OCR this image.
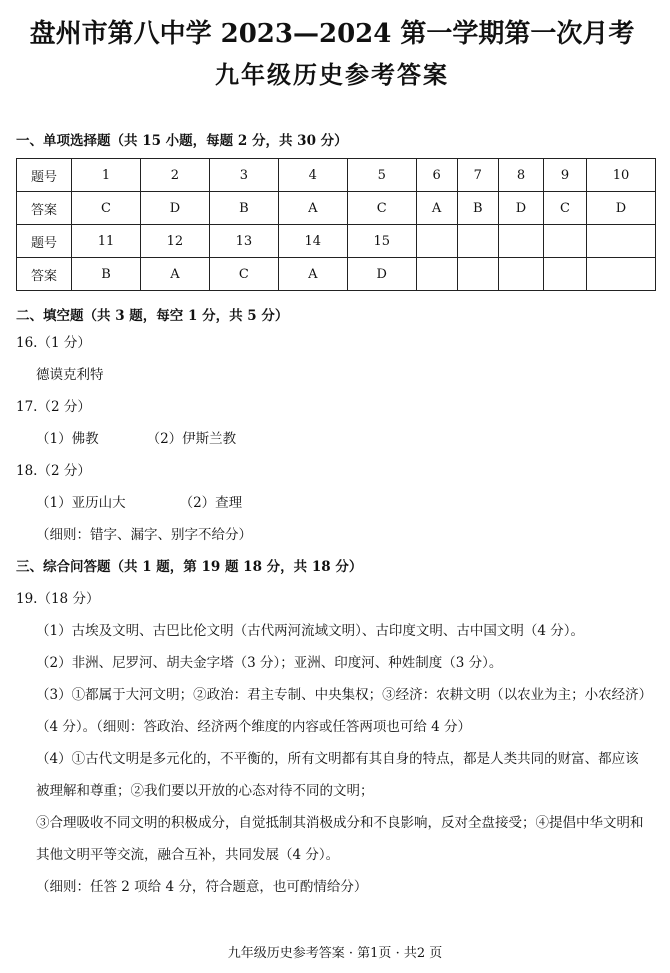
盘州市第八中学 2023—2024 第一学期第一次月考
九年级历史参考答案
一、单项选择题（共 15 小题，每题 2 分，共 30 分）
题号	1	2	3	4	5	6	7	8	9	10
答案	C	D	B	A	C	A	B	D	C	D
题号	11	12	13	14	15					
答案	B	A	C	A	D					
二、填空题（共 3 题，每空 1 分，共 5 分）
16.（1 分）
德谟克利特
17.（2 分）
（1）佛教	（2）伊斯兰教
18.（2 分）
（1）亚历山大	（2）查理
（细则：错字、漏字、别字不给分）
三、综合问答题（共 1 题，第 19 题 18 分，共 18 分）
19.（18 分）
（1）古埃及文明、古巴比伦文明（古代两河流域文明）、古印度文明、古中国文明（4 分）。
（2）非洲、尼罗河、胡夫金字塔（3 分）；亚洲、印度河、种姓制度（3 分）。
（3）①都属于大河文明；②政治：君主专制、中央集权；③经济：农耕文明（以农业为主；小农经济）（4 分）。（细则：答政治、经济两个维度的内容或任答两项也可给 4 分）
（4）①古代文明是多元化的，不平衡的，所有文明都有其自身的特点，都是人类共同的财富、都应该被理解和尊重；②我们要以开放的心态对待不同的文明；
③合理吸收不同文明的积极成分，自觉抵制其消极成分和不良影响，反对全盘接受；④提倡中华文明和其他文明平等交流，融合互补，共同发展（4 分）。
（细则：任答 2 项给 4 分，符合题意，也可酌情给分）
九年级历史参考答案 · 第1页 · 共2 页
